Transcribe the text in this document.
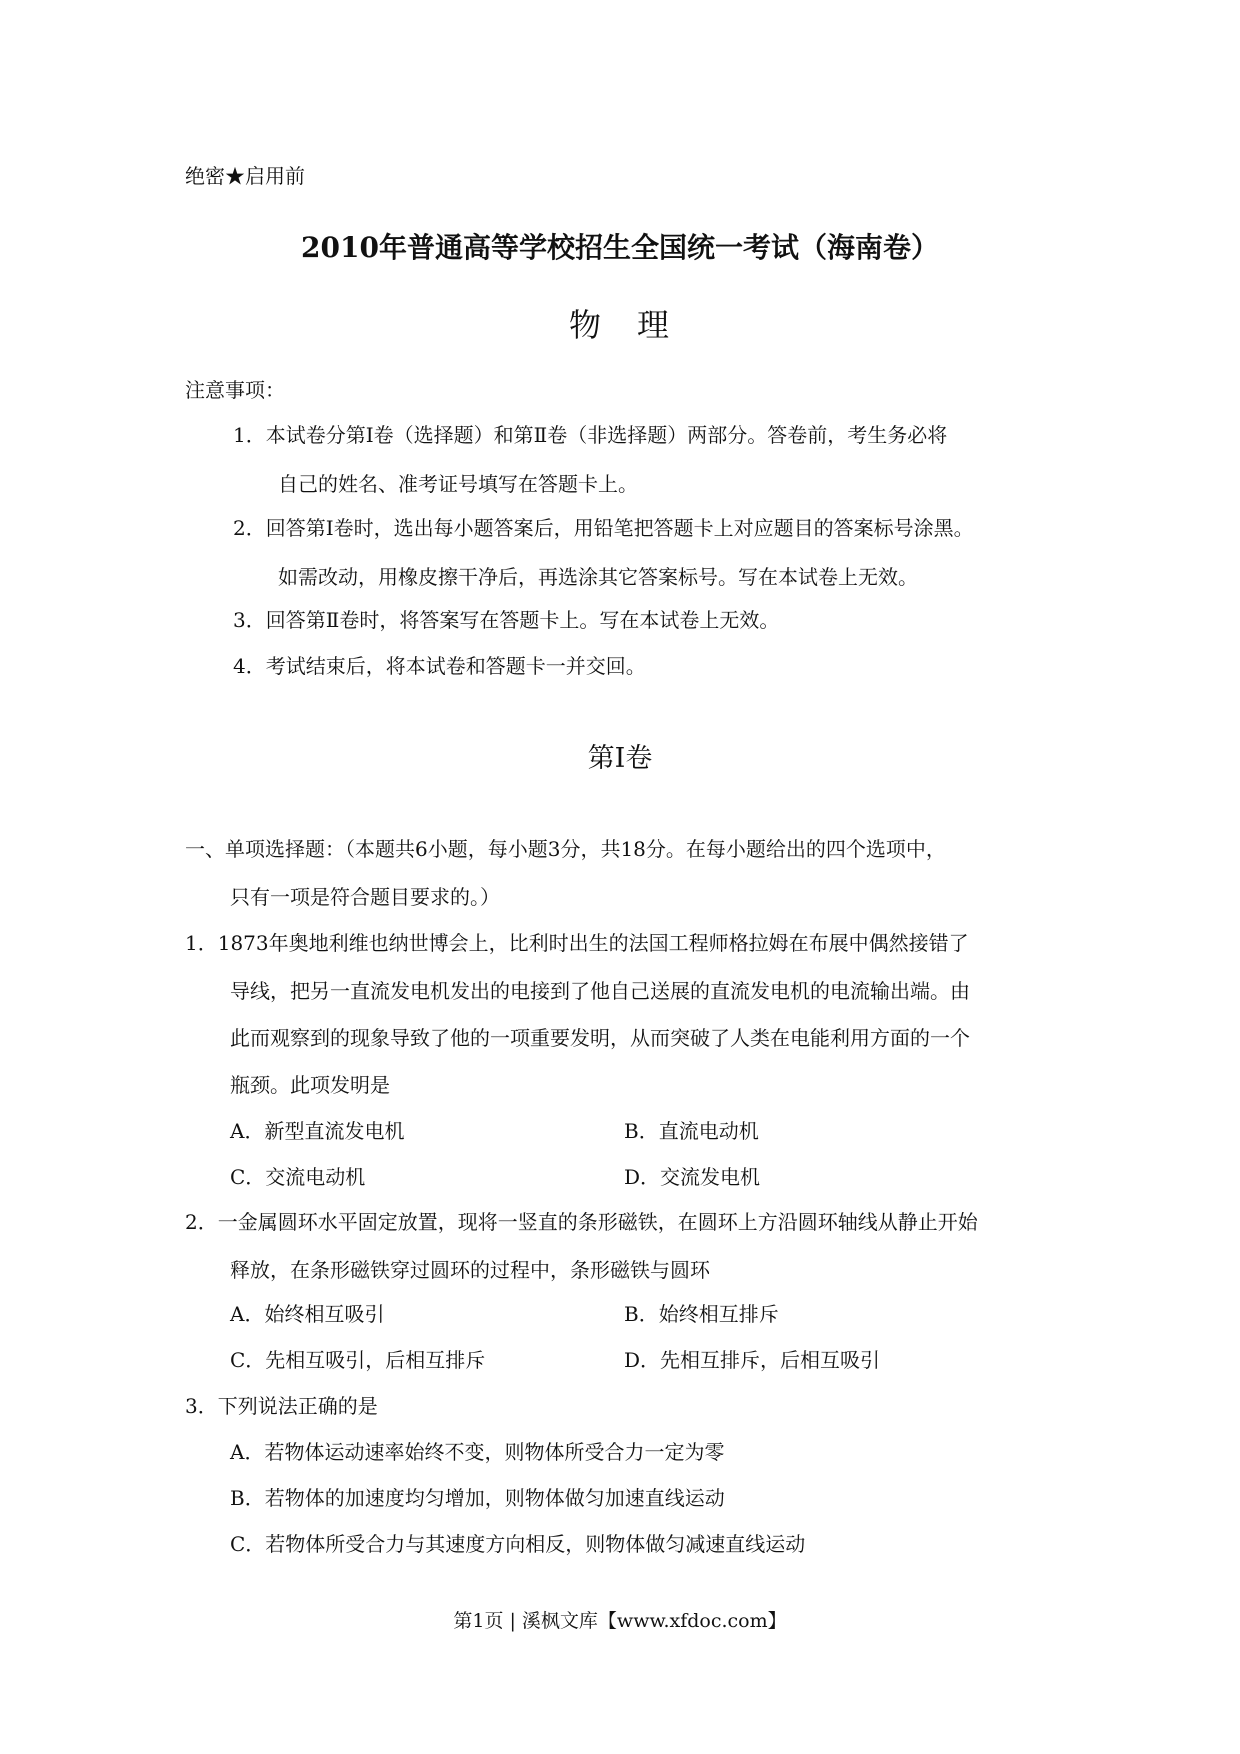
绝密★启用前
2010年普通高等学校招生全国统一考试（海南卷）
物　理
注意事项：
1．本试卷分第Ⅰ卷（选择题）和第Ⅱ卷（非选择题）两部分。答卷前，考生务必将
自己的姓名、准考证号填写在答题卡上。
2．回答第Ⅰ卷时，选出每小题答案后，用铅笔把答题卡上对应题目的答案标号涂黑。
如需改动，用橡皮擦干净后，再选涂其它答案标号。写在本试卷上无效。
3．回答第Ⅱ卷时，将答案写在答题卡上。写在本试卷上无效。
4．考试结束后，将本试卷和答题卡一并交回。
第Ⅰ卷
一、单项选择题：（本题共6小题，每小题3分，共18分。在每小题给出的四个选项中，
只有一项是符合题目要求的。）
1．1873年奥地利维也纳世博会上，比利时出生的法国工程师格拉姆在布展中偶然接错了
导线，把另一直流发电机发出的电接到了他自己送展的直流发电机的电流输出端。由
此而观察到的现象导致了他的一项重要发明，从而突破了人类在电能利用方面的一个
瓶颈。此项发明是
A．新型直流发电机	B．直流电动机
C．交流电动机	D．交流发电机
2．一金属圆环水平固定放置，现将一竖直的条形磁铁，在圆环上方沿圆环轴线从静止开始
释放，在条形磁铁穿过圆环的过程中，条形磁铁与圆环
A．始终相互吸引	B．始终相互排斥
C．先相互吸引，后相互排斥	D．先相互排斥，后相互吸引
3．下列说法正确的是
A．若物体运动速率始终不变，则物体所受合力一定为零
B．若物体的加速度均匀增加，则物体做匀加速直线运动
C．若物体所受合力与其速度方向相反，则物体做匀减速直线运动
第1页 | 溪枫文库【www.xfdoc.com】
